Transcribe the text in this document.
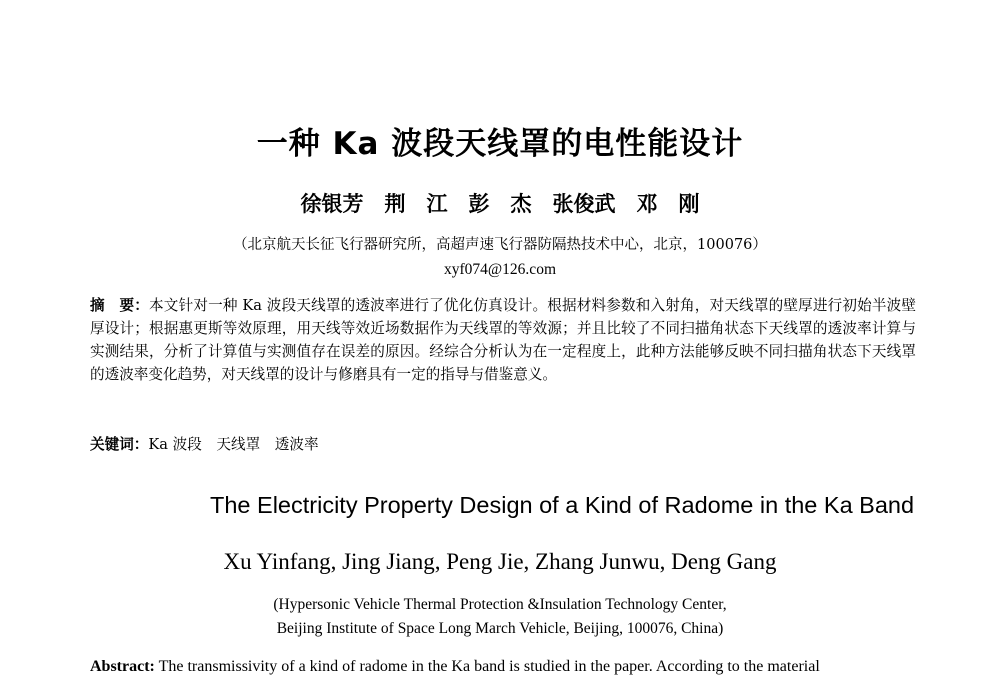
一种 Ka 波段天线罩的电性能设计
徐银芳　荆　江　彭　杰　张俊武　邓　刚
（北京航天长征飞行器研究所，高超声速飞行器防隔热技术中心，北京，100076）
xyf074@126.com
摘　要：本文针对一种 Ka 波段天线罩的透波率进行了优化仿真设计。根据材料参数和入射角，对天线罩的壁厚进行初始半波壁厚设计；根据惠更斯等效原理，用天线等效近场数据作为天线罩的等效源；并且比较了不同扫描角状态下天线罩的透波率计算与实测结果，分析了计算值与实测值存在误差的原因。经综合分析认为在一定程度上，此种方法能够反映不同扫描角状态下天线罩的透波率变化趋势，对天线罩的设计与修磨具有一定的指导与借鉴意义。
关键词：Ka 波段　天线罩　透波率
The Electricity Property Design of a Kind of Radome in the Ka Band
Xu Yinfang, Jing Jiang, Peng Jie, Zhang Junwu, Deng Gang
(Hypersonic Vehicle Thermal Protection &Insulation Technology Center,
Beijing Institute of Space Long March Vehicle, Beijing, 100076, China)
Abstract: The transmissivity of a kind of radome in the Ka band is studied in the paper. According to the material
